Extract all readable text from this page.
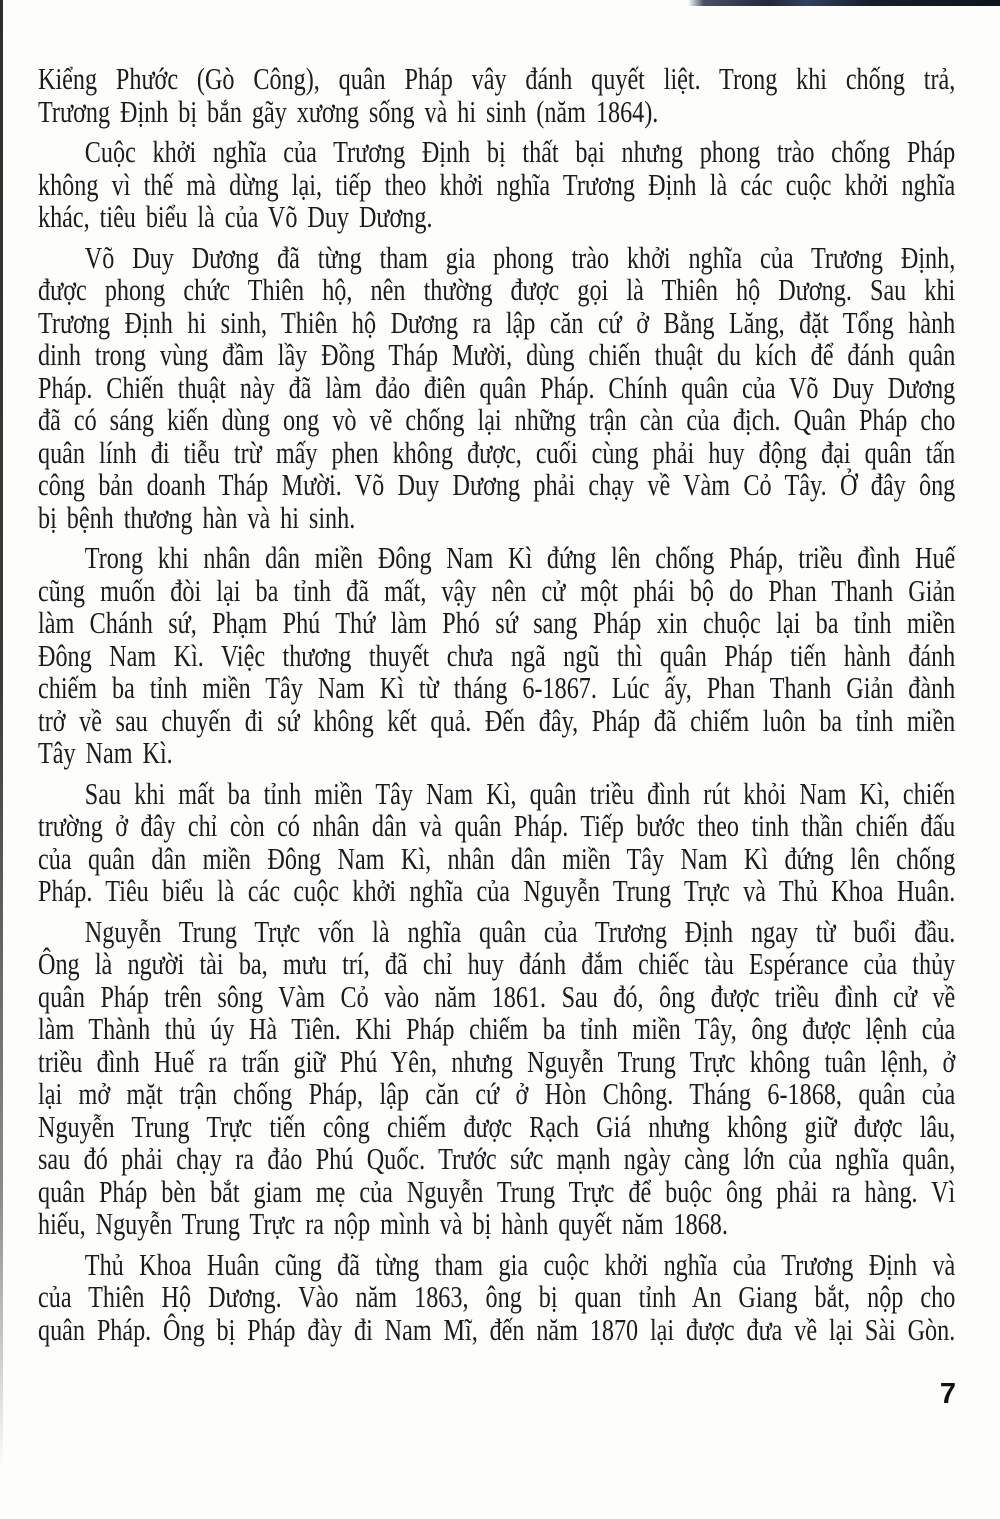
Kiểng Phước (Gò Công), quân Pháp vây đánh quyết liệt. Trong khi chống trả,
Trương Định bị bắn gãy xương sống và hi sinh (năm 1864).
Cuộc khởi nghĩa của Trương Định bị thất bại nhưng phong trào chống Pháp
không vì thế mà dừng lại, tiếp theo khởi nghĩa Trương Định là các cuộc khởi nghĩa
khác, tiêu biểu là của Võ Duy Dương.
Võ Duy Dương đã từng tham gia phong trào khởi nghĩa của Trương Định,
được phong chức Thiên hộ, nên thường được gọi là Thiên hộ Dương. Sau khi
Trương Định hi sinh, Thiên hộ Dương ra lập căn cứ ở Bằng Lăng, đặt Tổng hành
dinh trong vùng đầm lầy Đồng Tháp Mười, dùng chiến thuật du kích để đánh quân
Pháp. Chiến thuật này đã làm đảo điên quân Pháp. Chính quân của Võ Duy Dương
đã có sáng kiến dùng ong vò vẽ chống lại những trận càn của địch. Quân Pháp cho
quân lính đi tiễu trừ mấy phen không được, cuối cùng phải huy động đại quân tấn
công bản doanh Tháp Mười. Võ Duy Dương phải chạy về Vàm Cỏ Tây. Ở đây ông
bị bệnh thương hàn và hi sinh.
Trong khi nhân dân miền Đông Nam Kì đứng lên chống Pháp, triều đình Huế
cũng muốn đòi lại ba tỉnh đã mất, vậy nên cử một phái bộ do Phan Thanh Giản
làm Chánh sứ, Phạm Phú Thứ làm Phó sứ sang Pháp xin chuộc lại ba tỉnh miền
Đông Nam Kì. Việc thương thuyết chưa ngã ngũ thì quân Pháp tiến hành đánh
chiếm ba tỉnh miền Tây Nam Kì từ tháng 6-1867. Lúc ấy, Phan Thanh Giản đành
trở về sau chuyến đi sứ không kết quả. Đến đây, Pháp đã chiếm luôn ba tỉnh miền
Tây Nam Kì.
Sau khi mất ba tỉnh miền Tây Nam Kì, quân triều đình rút khỏi Nam Kì, chiến
trường ở đây chỉ còn có nhân dân và quân Pháp. Tiếp bước theo tinh thần chiến đấu
của quân dân miền Đông Nam Kì, nhân dân miền Tây Nam Kì đứng lên chống
Pháp. Tiêu biểu là các cuộc khởi nghĩa của Nguyễn Trung Trực và Thủ Khoa Huân.
Nguyễn Trung Trực vốn là nghĩa quân của Trương Định ngay từ buổi đầu.
Ông là người tài ba, mưu trí, đã chỉ huy đánh đắm chiếc tàu Espérance của thủy
quân Pháp trên sông Vàm Cỏ vào năm 1861. Sau đó, ông được triều đình cử về
làm Thành thủ úy Hà Tiên. Khi Pháp chiếm ba tỉnh miền Tây, ông được lệnh của
triều đình Huế ra trấn giữ Phú Yên, nhưng Nguyễn Trung Trực không tuân lệnh, ở
lại mở mặt trận chống Pháp, lập căn cứ ở Hòn Chông. Tháng 6-1868, quân của
Nguyễn Trung Trực tiến công chiếm được Rạch Giá nhưng không giữ được lâu,
sau đó phải chạy ra đảo Phú Quốc. Trước sức mạnh ngày càng lớn của nghĩa quân,
quân Pháp bèn bắt giam mẹ của Nguyễn Trung Trực để buộc ông phải ra hàng. Vì
hiếu, Nguyễn Trung Trực ra nộp mình và bị hành quyết năm 1868.
Thủ Khoa Huân cũng đã từng tham gia cuộc khởi nghĩa của Trương Định và
của Thiên Hộ Dương. Vào năm 1863, ông bị quan tỉnh An Giang bắt, nộp cho
quân Pháp. Ông bị Pháp đày đi Nam Mĩ, đến năm 1870 lại được đưa về lại Sài Gòn.
7
